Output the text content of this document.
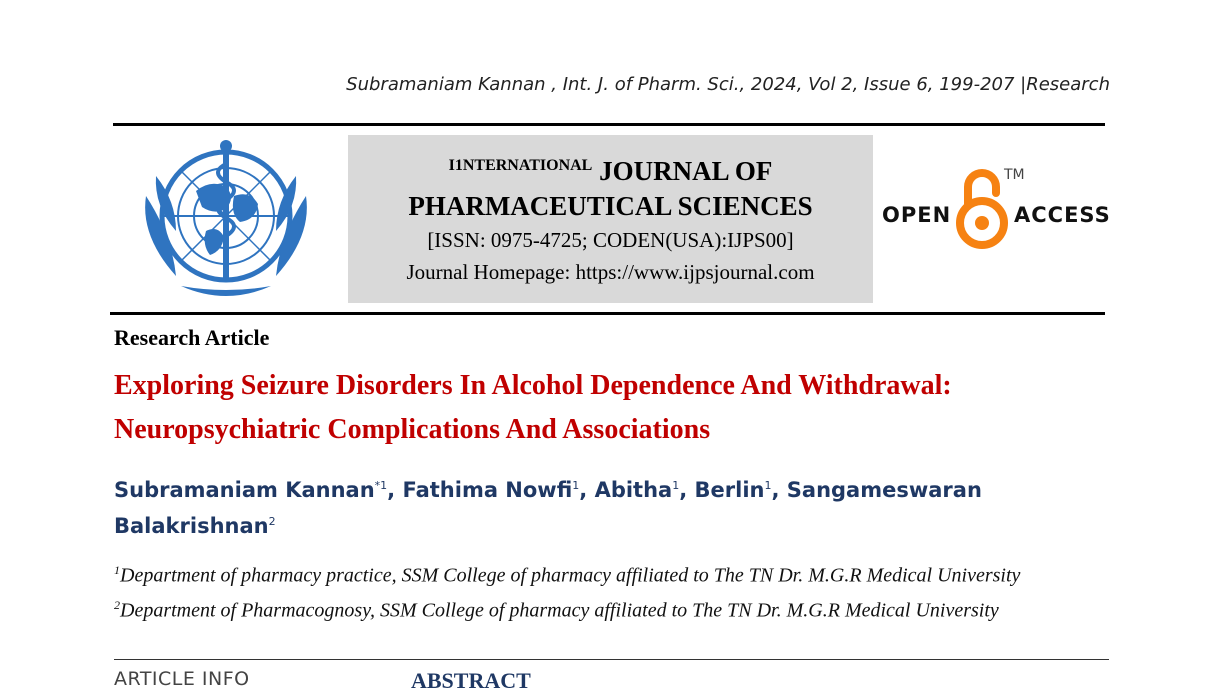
Subramaniam Kannan , Int. J. of Pharm. Sci., 2024, Vol 2, Issue 6, 199-207 |Research
$^{I1NTERNATIONAL}$ JOURNAL OF
PHARMACEUTICAL SCIENCES
[ISSN: 0975-4725; CODEN(USA):IJPS00]
Journal Homepage: https://www.ijpsjournal.com
OPEN
TM
ACCESS
Research Article
Exploring Seizure Disorders In Alcohol Dependence And Withdrawal:
Neuropsychiatric Complications And Associations
Subramaniam Kannan$^{*1}$, Fathima Nowfi$^1$, Abitha$^1$, Berlin$^1$, Sangameswaran Balakrishnan$^2$
$^1$Department of pharmacy practice, SSM College of pharmacy affiliated to The TN Dr. M.G.R Medical University
$^2$Department of Pharmacognosy, SSM College of pharmacy affiliated to The TN Dr. M.G.R Medical University
ARTICLE INFO	ABSTRACT
